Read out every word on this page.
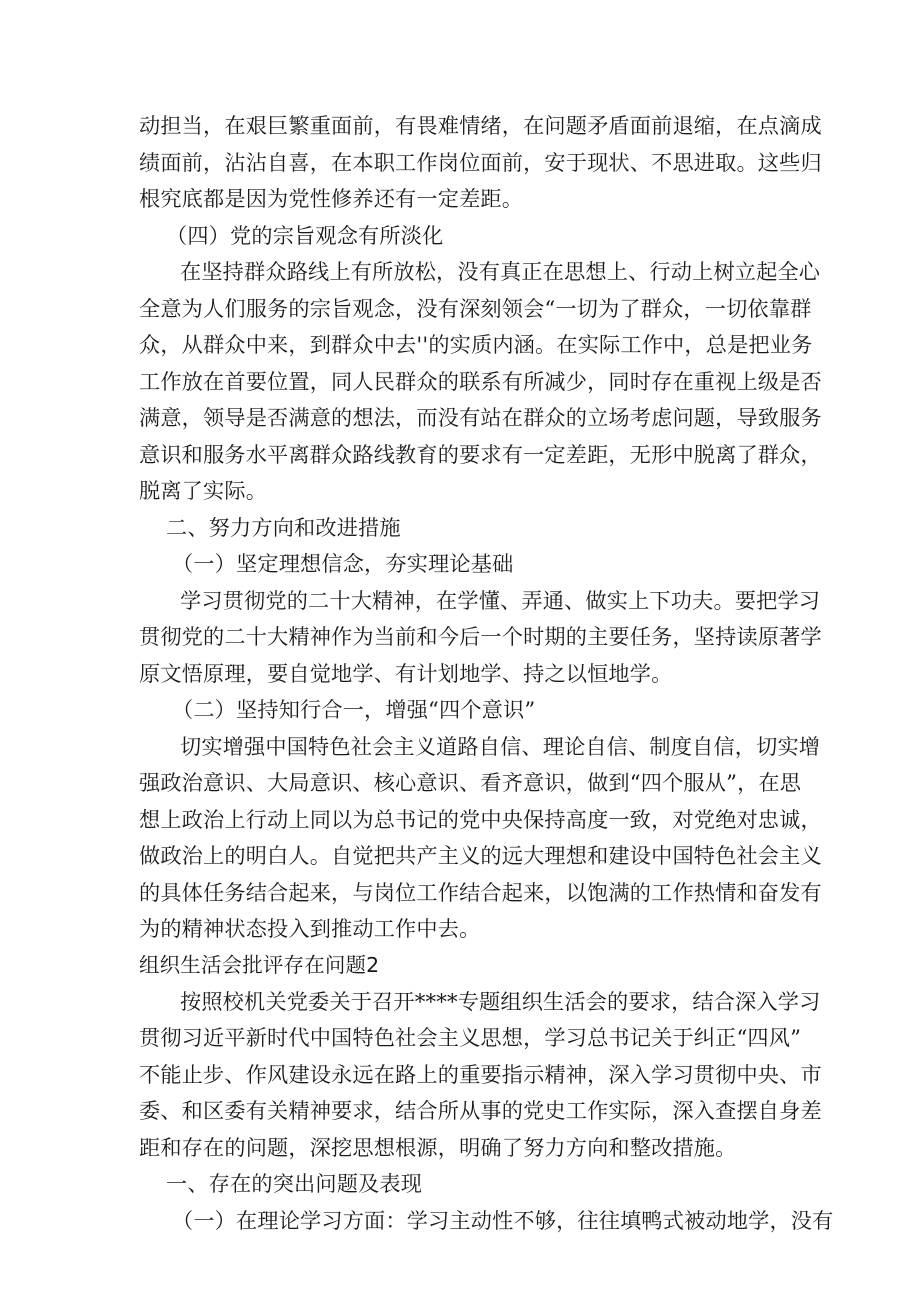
动担当，在艰巨繁重面前，有畏难情绪，在问题矛盾面前退缩，在点滴成
绩面前，沾沾自喜，在本职工作岗位面前，安于现状、不思进取。这些归
根究底都是因为党性修养还有一定差距。
（四）党的宗旨观念有所淡化
在坚持群众路线上有所放松，没有真正在思想上、行动上树立起全心
全意为人们服务的宗旨观念，没有深刻领会“一切为了群众，一切依靠群
众，从群众中来，到群众中去''的实质内涵。在实际工作中，总是把业务
工作放在首要位置，同人民群众的联系有所减少，同时存在重视上级是否
满意，领导是否满意的想法，而没有站在群众的立场考虑问题，导致服务
意识和服务水平离群众路线教育的要求有一定差距，无形中脱离了群众，
脱离了实际。
二、努力方向和改进措施
（一）坚定理想信念，夯实理论基础
学习贯彻党的二十大精神，在学懂、弄通、做实上下功夫。要把学习
贯彻党的二十大精神作为当前和今后一个时期的主要任务，坚持读原著学
原文悟原理，要自觉地学、有计划地学、持之以恒地学。
（二）坚持知行合一，增强“四个意识”
切实增强中国特色社会主义道路自信、理论自信、制度自信，切实增
强政治意识、大局意识、核心意识、看齐意识，做到“四个服从”，在思
想上政治上行动上同以为总书记的党中央保持高度一致，对党绝对忠诚，
做政治上的明白人。自觉把共产主义的远大理想和建设中国特色社会主义
的具体任务结合起来，与岗位工作结合起来，以饱满的工作热情和奋发有
为的精神状态投入到推动工作中去。
组织生活会批评存在问题2
按照校机关党委关于召开****专题组织生活会的要求，结合深入学习
贯彻习近平新时代中国特色社会主义思想，学习总书记关于纠正“四风”
不能止步、作风建设永远在路上的重要指示精神，深入学习贯彻中央、市
委、和区委有关精神要求，结合所从事的党史工作实际，深入查摆自身差
距和存在的问题，深挖思想根源，明确了努力方向和整改措施。
一、存在的突出问题及表现
（一）在理论学习方面：学习主动性不够，往往填鸭式被动地学，没有
